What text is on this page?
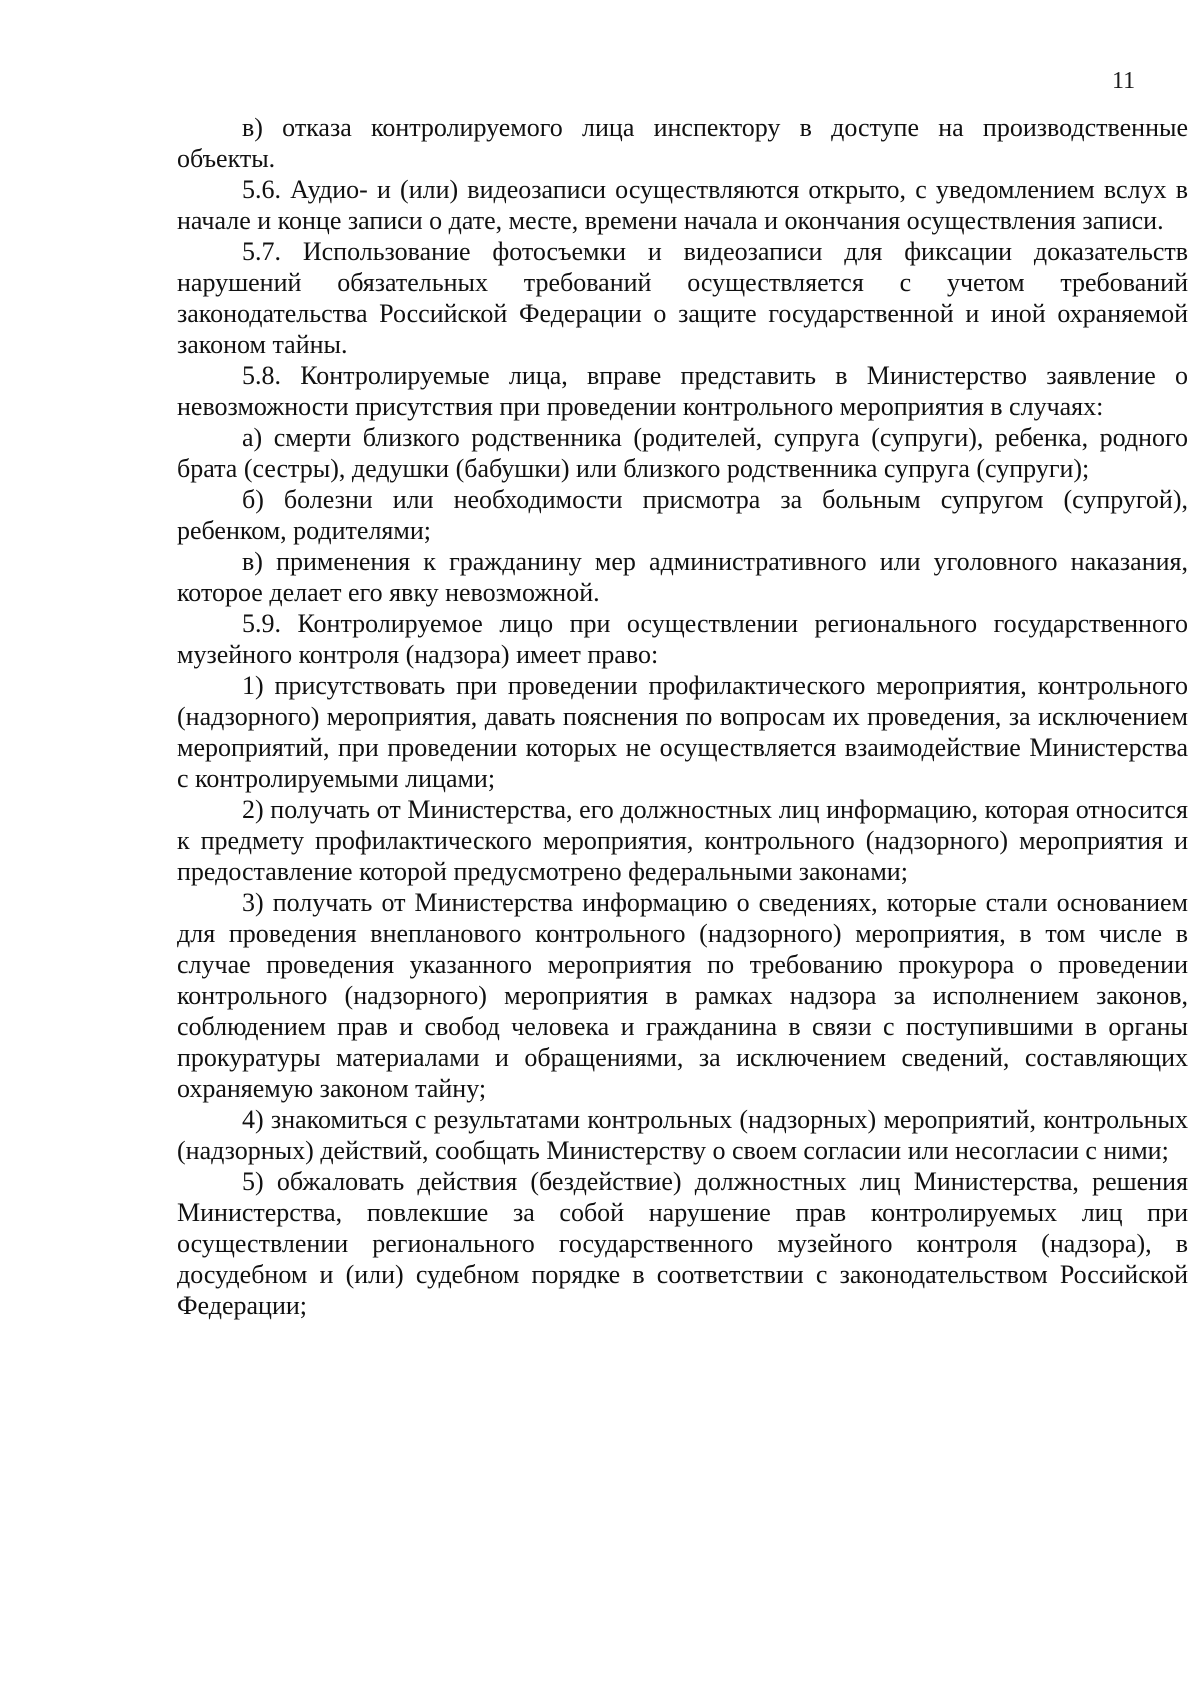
11

в) отказа контролируемого лица инспектору в доступе на производственные объекты.

5.6. Аудио- и (или) видеозаписи осуществляются открыто, с уведомлением вслух в начале и конце записи о дате, месте, времени начала и окончания осуществления записи.

5.7. Использование фотосъемки и видеозаписи для фиксации доказательств нарушений обязательных требований осуществляется с учетом требований законодательства Российской Федерации о защите государственной и иной охраняемой законом тайны.

5.8. Контролируемые лица, вправе представить в Министерство заявление о невозможности присутствия при проведении контрольного мероприятия в случаях:

а) смерти близкого родственника (родителей, супруга (супруги), ребенка, родного брата (сестры), дедушки (бабушки) или близкого родственника супруга (супруги);

б) болезни или необходимости присмотра за больным супругом (супругой), ребенком, родителями;

в) применения к гражданину мер административного или уголовного наказания, которое делает его явку невозможной.

5.9. Контролируемое лицо при осуществлении регионального государственного музейного контроля (надзора) имеет право:

1) присутствовать при проведении профилактического мероприятия, контрольного (надзорного) мероприятия, давать пояснения по вопросам их проведения, за исключением мероприятий, при проведении которых не осуществляется взаимодействие Министерства с контролируемыми лицами;

2) получать от Министерства, его должностных лиц информацию, которая относится к предмету профилактического мероприятия, контрольного (надзорного) мероприятия и предоставление которой предусмотрено федеральными законами;

3) получать от Министерства информацию о сведениях, которые стали основанием для проведения внепланового контрольного (надзорного) мероприятия, в том числе в случае проведения указанного мероприятия по требованию прокурора о проведении контрольного (надзорного) мероприятия в рамках надзора за исполнением законов, соблюдением прав и свобод человека и гражданина в связи с поступившими в органы прокуратуры материалами и обращениями, за исключением сведений, составляющих охраняемую законом тайну;

4) знакомиться с результатами контрольных (надзорных) мероприятий, контрольных (надзорных) действий, сообщать Министерству о своем согласии или несогласии с ними;

5) обжаловать действия (бездействие) должностных лиц Министерства, решения Министерства, повлекшие за собой нарушение прав контролируемых лиц при осуществлении регионального государственного музейного контроля (надзора), в досудебном и (или) судебном порядке в соответствии с законодательством Российской Федерации;
